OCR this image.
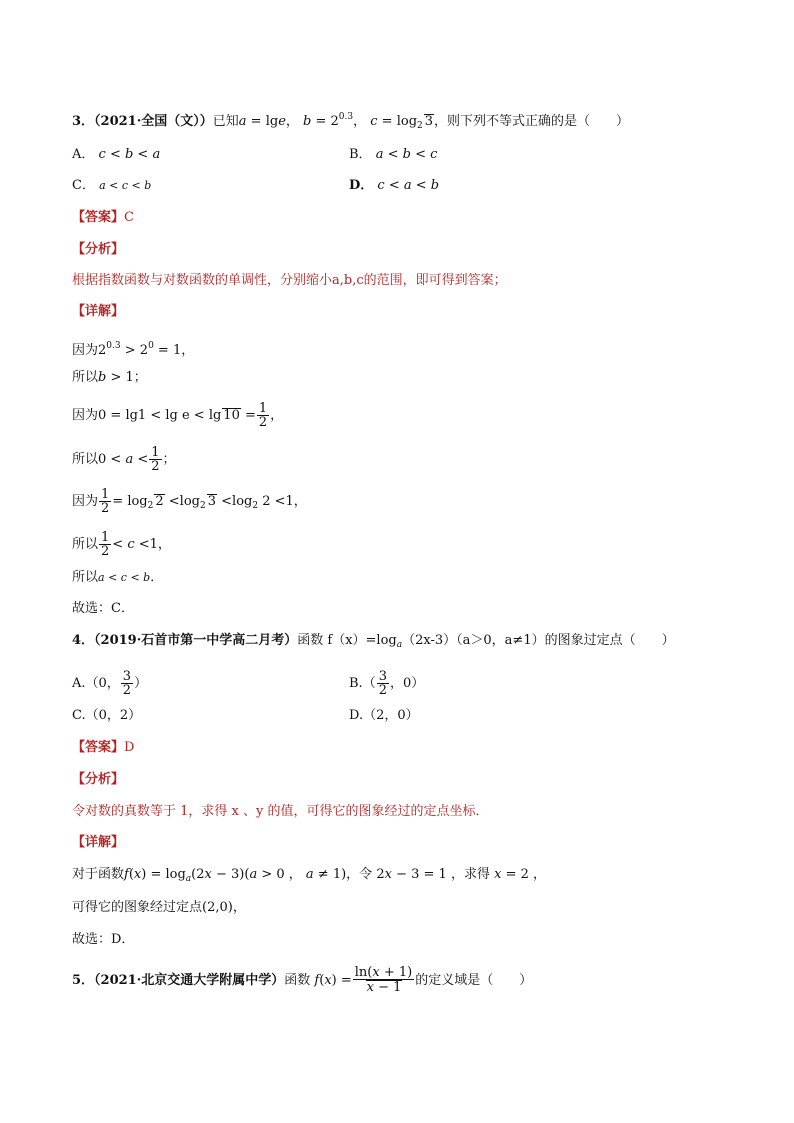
3．（2021·全国（文））已知a = lge， $b = 2^{0.3}$， $c = \log_2 3$，则下列不等式正确的是（　　）
A． c < b < a	B． a < b < c
C． a < c < b	D． c < a < b
【答案】C
【分析】
根据指数函数与对数函数的单调性，分别缩小a,b,c的范围，即可得到答案；
【详解】
因为$2^{0.3} > 2^0 = 1$，
所以b > 1；
因为$0 = \lg 1 < \lg e < \lg 10 = \frac{1}{2}$ ，
所以$0 < a < \frac{1}{2}$ ；
因为 $\frac{1}{2} = \log_2 2 <\log_2$ $3 <\log_2$ 2 <1，
所以 $\frac{1}{2} < c <1$，
所以a < c < b．
故选：C．
4．（2019·石首市第一中学高二月考）函数 $f(x)=\log_a(2x-3)(a>0$，a≠1）的图象过定点（　　）
A.（0， $\frac{3}{2}$ ）	$B.( \frac{3}{2}$ ，0）
C.（0，2）	D.（2，0）
【答案】D
【分析】
令对数的真数等于 1，求得 x 、y 的值，可得它的图象经过的定点坐标．
【详解】
对于函数$f(x) = \log_a(2x - 3)(a > 0$ ， a ≠ 1)，令 2x − 3 = 1 ，求得 x = 2 ，
可得它的图象经过定点(2,0)，
故选：D．
5．（2021·北京交通大学附属中学）函数 $f(x) = \frac{\ln(x + 1)}{x - 1}$ 的定义域是（　　）
